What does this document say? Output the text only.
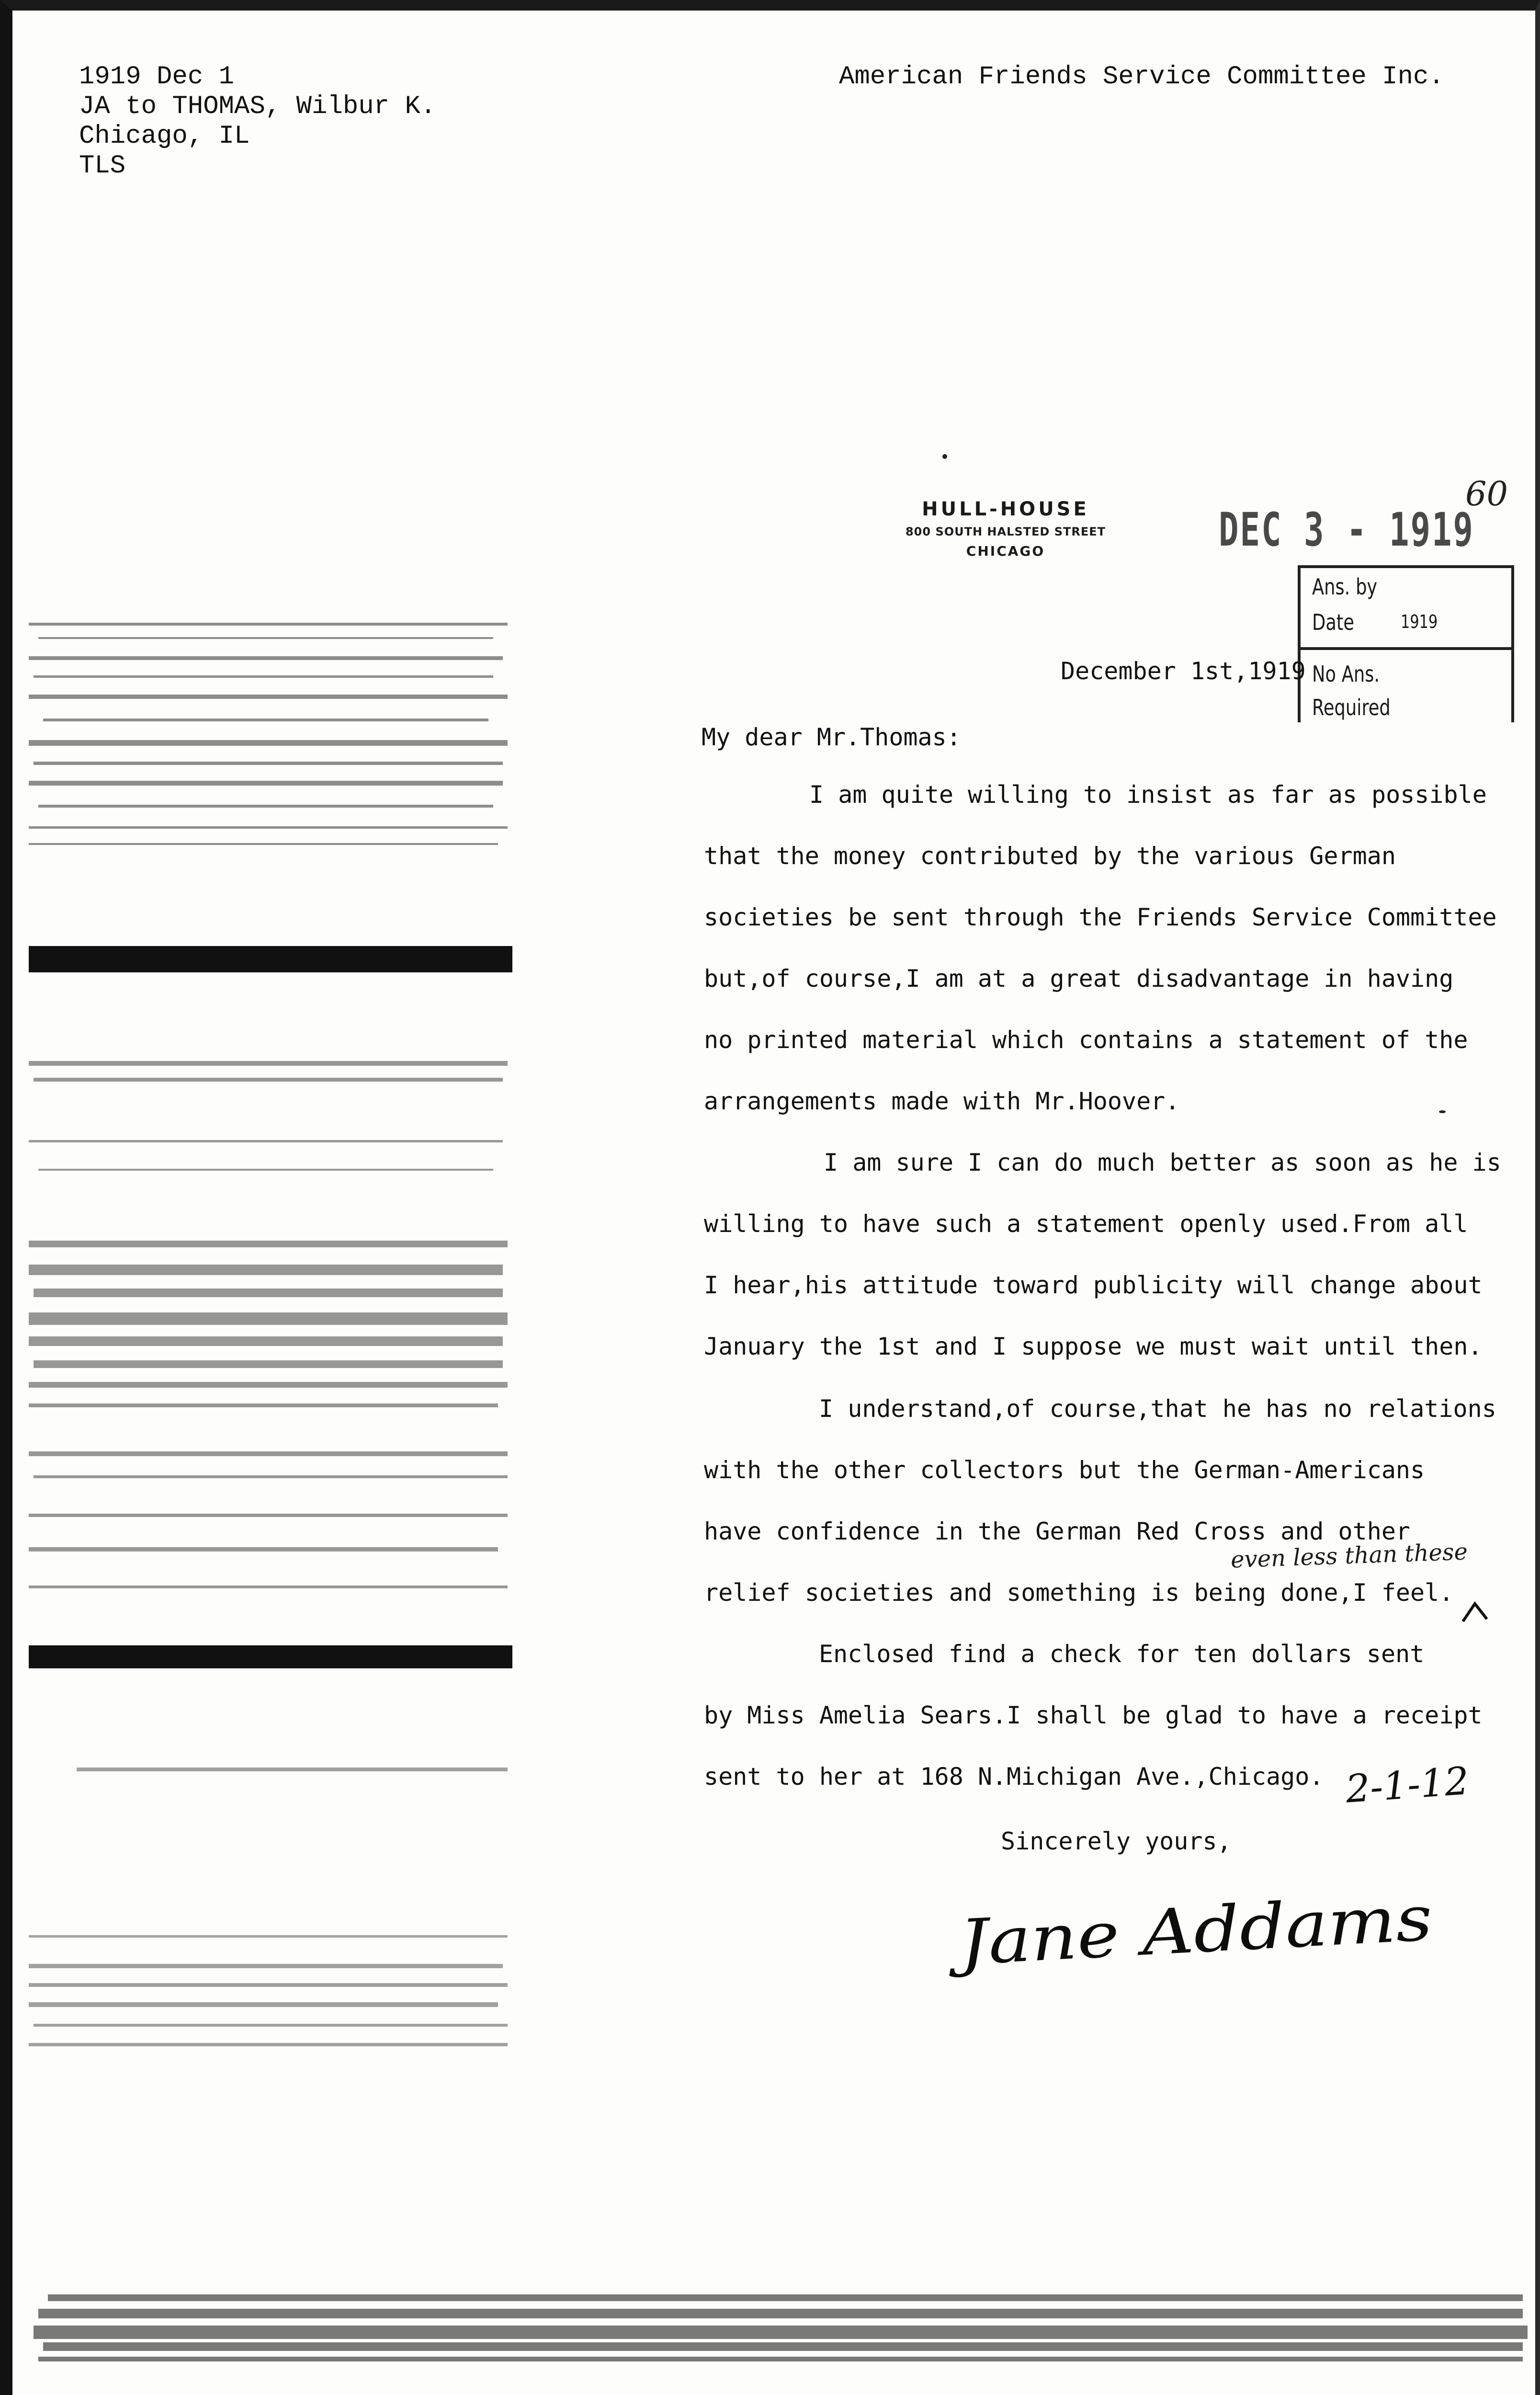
1919 Dec 1
JA to THOMAS, Wilbur K.
Chicago, IL
TLS
American Friends Service Committee Inc.
HULL-HOUSE
800 SOUTH HALSTED STREET
CHICAGO	DEC 3 - 1919
60
Ans. by
Date	1919
No Ans.
Required
December 1st,1919
My dear Mr.Thomas:
I am quite willing to insist as far as possible
that the money contributed by the various German
societies be sent through the Friends Service Committee
but,of course,I am at a great disadvantage in having
no printed material which contains a statement of the
arrangements made with Mr.Hoover.
I am sure I can do much better as soon as he is
willing to have such a statement openly used.From all
I hear,his attitude toward publicity will change about
January the 1st and I suppose we must wait until then.
I understand,of course,that he has no relations
with the other collectors but the German-Americans
have confidence in the German Red Cross and other
relief societies and something is being done,I feel.
Enclosed find a check for ten dollars sent
by Miss Amelia Sears.I shall be glad to have a receipt
sent to her at 168 N.Michigan Ave.,Chicago.
even less than these
2-1-12
Sincerely yours,
Jane Addams
